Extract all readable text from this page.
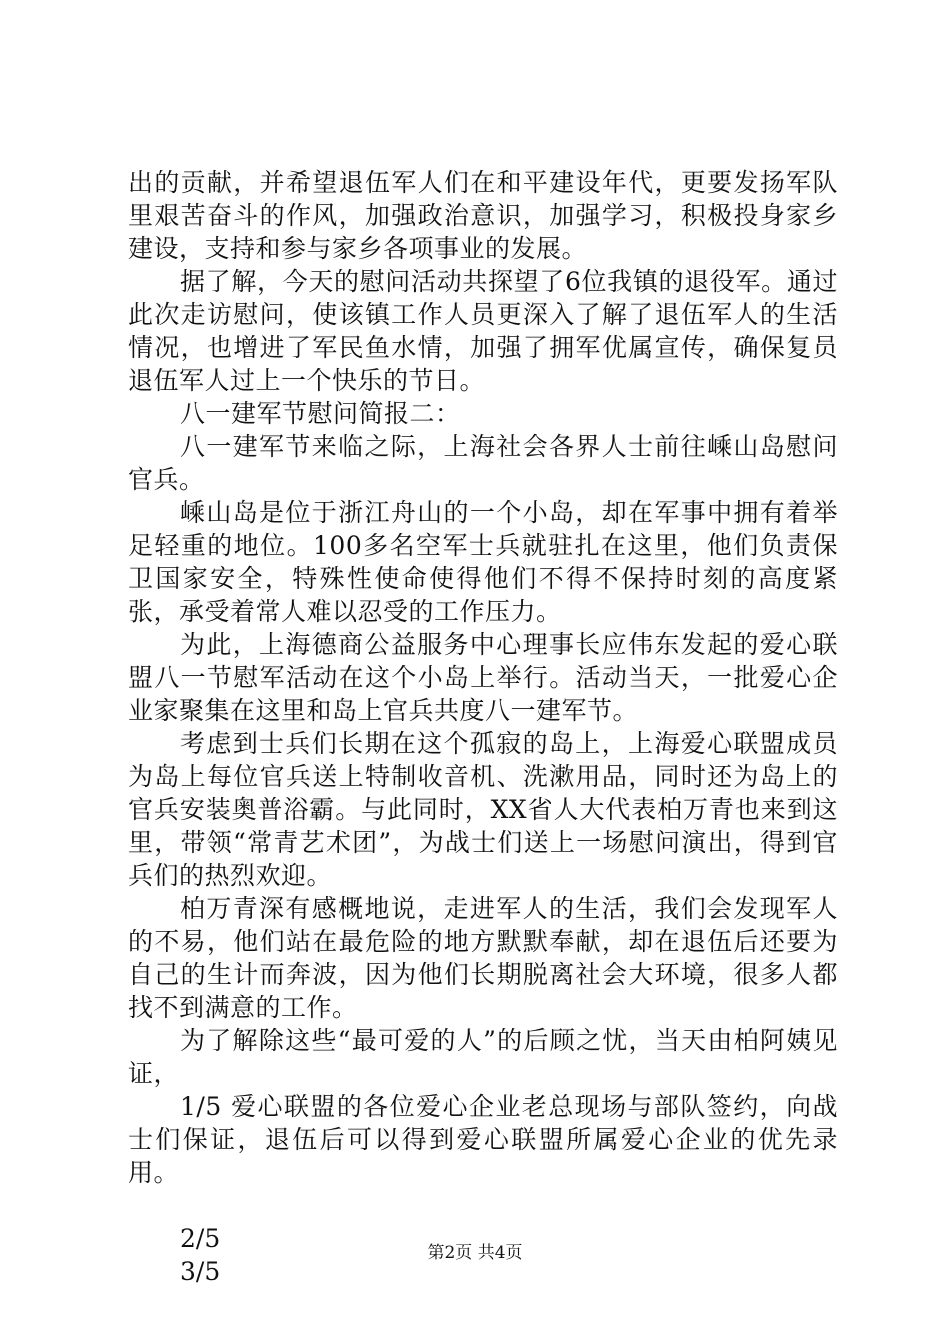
出的贡献，并希望退伍军人们在和平建设年代，更要发扬军队里艰苦奋斗的作风，加强政治意识，加强学习，积极投身家乡建设，支持和参与家乡各项事业的发展。

据了解，今天的慰问活动共探望了6位我镇的退役军。通过此次走访慰问，使该镇工作人员更深入了解了退伍军人的生活情况，也增进了军民鱼水情，加强了拥军优属宣传，确保复员退伍军人过上一个快乐的节日。

八一建军节慰问简报二：

八一建军节来临之际，上海社会各界人士前往嵊山岛慰问官兵。

嵊山岛是位于浙江舟山的一个小岛，却在军事中拥有着举足轻重的地位。100多名空军士兵就驻扎在这里，他们负责保卫国家安全，特殊性使命使得他们不得不保持时刻的高度紧张，承受着常人难以忍受的工作压力。

为此，上海德商公益服务中心理事长应伟东发起的爱心联盟八一节慰军活动在这个小岛上举行。活动当天，一批爱心企业家聚集在这里和岛上官兵共度八一建军节。

考虑到士兵们长期在这个孤寂的岛上，上海爱心联盟成员为岛上每位官兵送上特制收音机、洗漱用品，同时还为岛上的官兵安装奥普浴霸。与此同时，XX省人大代表柏万青也来到这里，带领“常青艺术团”，为战士们送上一场慰问演出，得到官兵们的热烈欢迎。

柏万青深有感概地说，走进军人的生活，我们会发现军人的不易，他们站在最危险的地方默默奉献，却在退伍后还要为自己的生计而奔波，因为他们长期脱离社会大环境，很多人都找不到满意的工作。

为了解除这些“最可爱的人”的后顾之忧，当天由柏阿姨见证，

1/5 爱心联盟的各位爱心企业老总现场与部队签约，向战士们保证，退伍后可以得到爱心联盟所属爱心企业的优先录用。

2/5

3/5

第2页 共4页
